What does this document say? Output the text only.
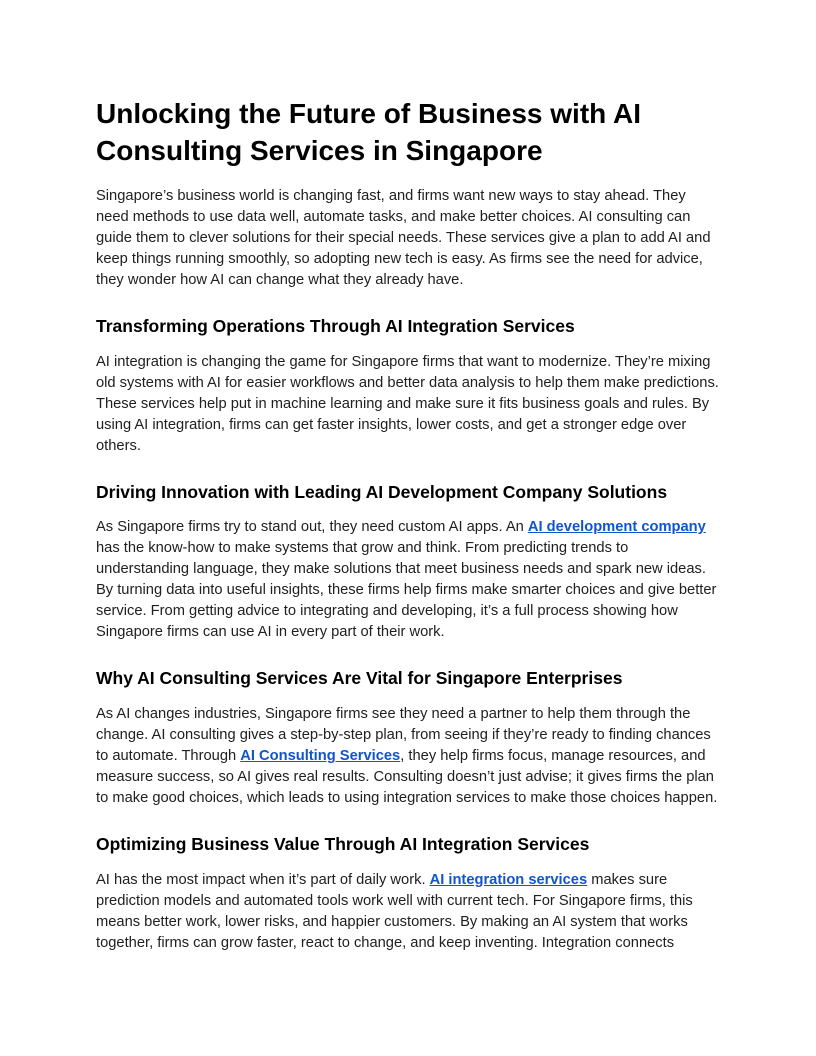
Unlocking the Future of Business with AI Consulting Services in Singapore

Singapore’s business world is changing fast, and firms want new ways to stay ahead. They need methods to use data well, automate tasks, and make better choices. AI consulting can guide them to clever solutions for their special needs. These services give a plan to add AI and keep things running smoothly, so adopting new tech is easy. As firms see the need for advice, they wonder how AI can change what they already have.

Transforming Operations Through AI Integration Services

AI integration is changing the game for Singapore firms that want to modernize. They’re mixing old systems with AI for easier workflows and better data analysis to help them make predictions. These services help put in machine learning and make sure it fits business goals and rules. By using AI integration, firms can get faster insights, lower costs, and get a stronger edge over others.

Driving Innovation with Leading AI Development Company Solutions

As Singapore firms try to stand out, they need custom AI apps. An AI development company has the know-how to make systems that grow and think. From predicting trends to understanding language, they make solutions that meet business needs and spark new ideas. By turning data into useful insights, these firms help firms make smarter choices and give better service. From getting advice to integrating and developing, it’s a full process showing how Singapore firms can use AI in every part of their work.

Why AI Consulting Services Are Vital for Singapore Enterprises

As AI changes industries, Singapore firms see they need a partner to help them through the change. AI consulting gives a step-by-step plan, from seeing if they’re ready to finding chances to automate. Through AI Consulting Services, they help firms focus, manage resources, and measure success, so AI gives real results. Consulting doesn’t just advise; it gives firms the plan to make good choices, which leads to using integration services to make those choices happen.

Optimizing Business Value Through AI Integration Services

AI has the most impact when it’s part of daily work. AI integration services makes sure prediction models and automated tools work well with current tech. For Singapore firms, this means better work, lower risks, and happier customers. By making an AI system that works together, firms can grow faster, react to change, and keep inventing. Integration connects
